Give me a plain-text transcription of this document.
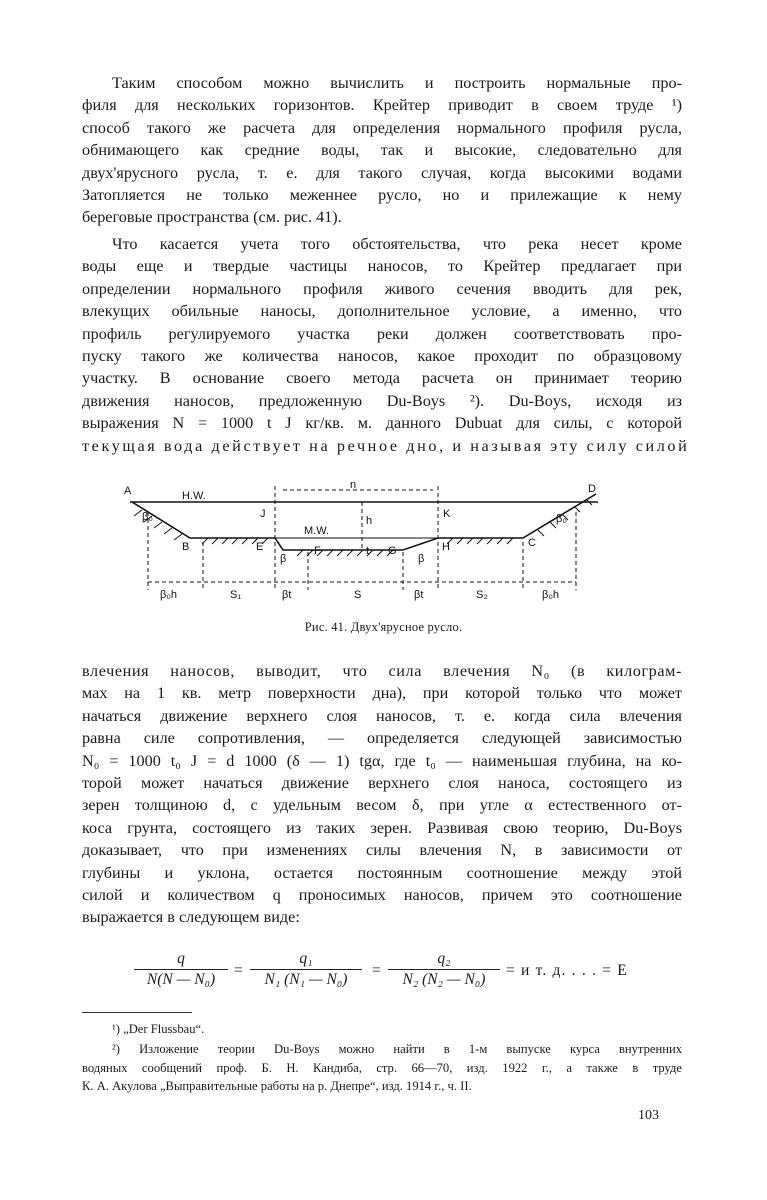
Таким способом можно вычислить и построить нормальные про-
филя для нескольких горизонтов. Крейтер приводит в своем труде ¹)
способ такого же расчета для определения нормального профиля русла,
обнимающего как средние воды, так и высокие, следовательно для
двух'ярусного русла, т. е. для такого случая, когда высокими водами
Затопляется не только меженнее русло, но и прилежащие к нему
береговые пространства (см. рис. 41).
Что касается учета того обстоятельства, что река несет кроме
воды еще и твердые частицы наносов, то Крейтер предлагает при
определении нормального профиля живого сечения вводить для рек,
влекущих обильные наносы, дополнительное условие, а именно, что
профиль регулируемого участка реки должен соответствовать про-
пуску такого же количества наносов, какое проходит по образцовому
участку. В основание своего метода расчета он принимает теорию
движения наносов, предложенную Du-Boys ²). Du-Boys, исходя из
выражения N = 1000 t J кг/кв. м. данного Dubuat для силы, с которой
текущая вода действует на речное дно, и называя эту силу силой
A	D
H.W.
n
J	K
h
M.W.
B	E	F	t G	H	C
β₀	β₀
β	β
β₀h	S₁	βt	S	βt	S₂	β₀h
Рис. 41. Двух'ярусное русло.
влечения наносов, выводит, что сила влечения N₀ (в килограм-
мах на 1 кв. метр поверхности дна), при которой только что может
начаться движение верхнего слоя наносов, т. е. когда сила влечения
равна силе сопротивления, — определяется следующей зависимостью
N₀ = 1000 t₀ J = d 1000 (δ — 1) tgα, где t₀ — наименьшая глубина, на ко-
торой может начаться движение верхнего слоя наноса, состоящего из
зерен толщиною d, с удельным весом δ, при угле α естественного от-
коса грунта, состоящего из таких зерен. Развивая свою теорию, Du-Boys
доказывает, что при изменениях силы влечения N, в зависимости от
глубины и уклона, остается постоянным соотношение между этой
силой и количеством q проносимых наносов, причем это соотношение
выражается в следующем виде:
$\frac{q}{\text{N(N — N₀)}} = \frac{\text{q₁}}{\text{N₁ (N₁ — N₀)}} = \frac{\text{q₂}}{\text{N₂ (N₂ — N₀)}} = и$ т. д. . . . = E
¹) „Der Flussbau“.
²) Изложение теории Du-Boys можно найти в 1-м выпуске курса внутренних
водяных сообщений проф. Б. Н. Кандиба, стр. 66—70, изд. 1922 г., а также в труде
К. А. Акулова „Выправительные работы на р. Днепре“, изд. 1914 г., ч. II.
103
